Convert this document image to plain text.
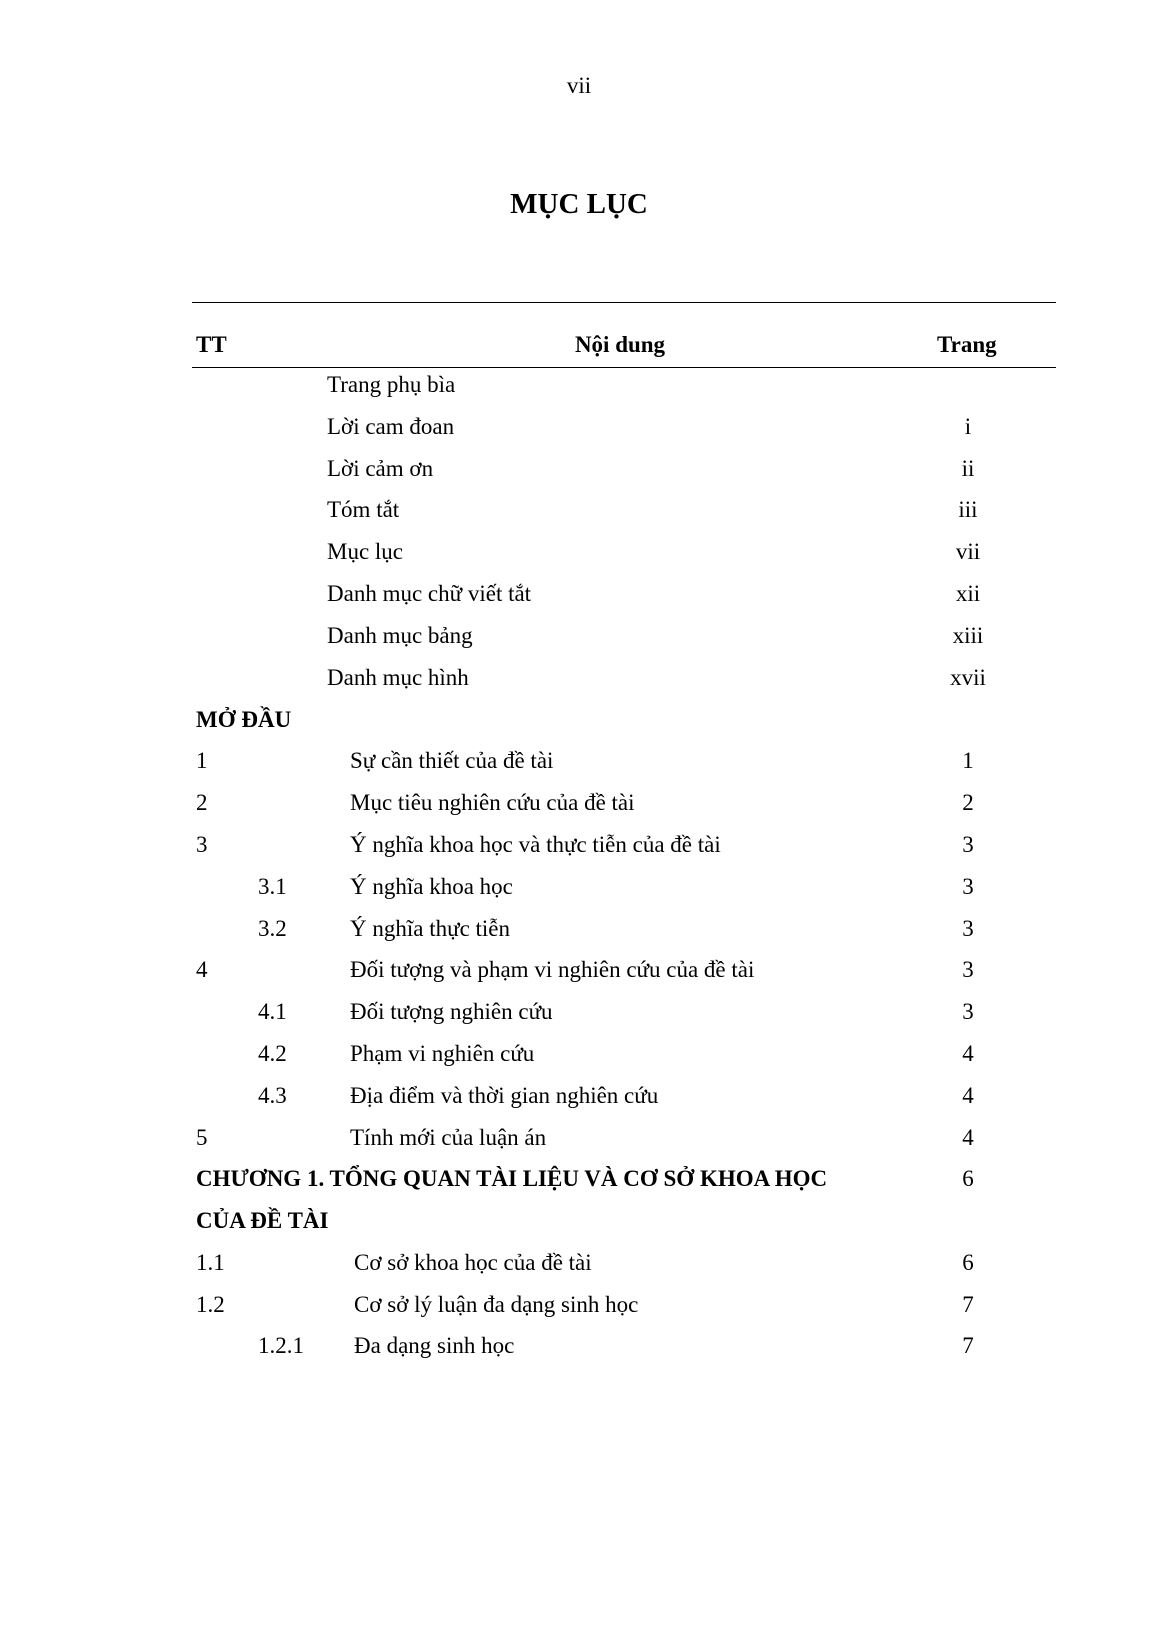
vii
MỤC LỤC
TT	Nội dung	Trang
Trang phụ bìa
Lời cam đoan	i
Lời cảm ơn	ii
Tóm tắt	iii
Mục lục	vii
Danh mục chữ viết tắt	xii
Danh mục bảng	xiii
Danh mục hình	xvii
MỞ ĐẦU
1	Sự cần thiết của đề tài	1
2	Mục tiêu nghiên cứu của đề tài	2
3	Ý nghĩa khoa học và thực tiễn của đề tài	3
3.1	Ý nghĩa khoa học	3
3.2	Ý nghĩa thực tiễn	3
4	Đối tượng và phạm vi nghiên cứu của đề tài	3
4.1	Đối tượng nghiên cứu	3
4.2	Phạm vi nghiên cứu	4
4.3	Địa điểm và thời gian nghiên cứu	4
5	Tính mới của luận án	4
CHƯƠNG 1. TỔNG QUAN TÀI LIỆU VÀ CƠ SỞ KHOA HỌC	6
CỦA ĐỀ TÀI
1.1	Cơ sở khoa học của đề tài	6
1.2	Cơ sở lý luận đa dạng sinh học	7
1.2.1 Đa dạng sinh học	7
